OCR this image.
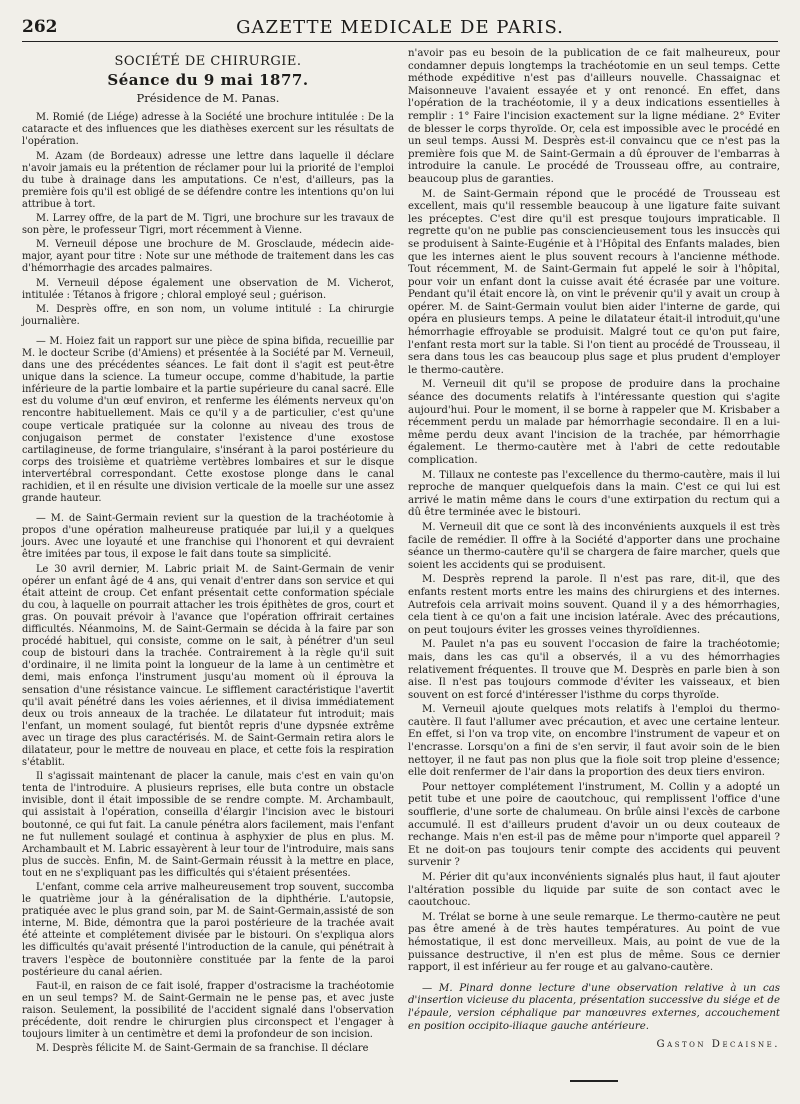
262	GAZETTE MEDICALE DE PARIS.

SOCIÉTÉ DE CHIRURGIE.

Séance du 9 mai 1877.

Présidence de M. Panas.

M. Romié (de Liége) adresse à la Société une brochure intitulée : De la cataracte et des influences que les diathèses exercent sur les résultats de l'opération.

M. Azam (de Bordeaux) adresse une lettre dans laquelle il déclare n'avoir jamais eu la prétention de réclamer pour lui la priorité de l'emploi du tube à drainage dans les amputations. Ce n'est, d'ailleurs, pas la première fois qu'il est obligé de se défendre contre les intentions qu'on lui attribue à tort.

M. Larrey offre, de la part de M. Tigri, une brochure sur les travaux de son père, le professeur Tigri, mort récemment à Vienne.

M. Verneuil dépose une brochure de M. Grosclaude, médecin aide-major, ayant pour titre : Note sur une méthode de traitement dans les cas d'hémorrhagie des arcades palmaires.

M. Verneuil dépose également une observation de M. Vicherot, intitulée : Tétanos à frigore ; chloral employé seul ; guérison.

M. Desprès offre, en son nom, un volume intitulé : La chirurgie journalière.

— M. Hoiez fait un rapport sur une pièce de spina bifida, recueillie par M. le docteur Scribe (d'Amiens) et présentée à la Société par M. Verneuil, dans une des précédentes séances. Le fait dont il s'agit est peut-être unique dans la science. La tumeur occupe, comme d'habitude, la partie inférieure de la partie lombaire et la partie supérieure du canal sacré. Elle est du volume d'un œuf environ, et renferme les éléments nerveux qu'on rencontre habituellement. Mais ce qu'il y a de particulier, c'est qu'une coupe verticale pratiquée sur la colonne au niveau des trous de conjugaison permet de constater l'existence d'une exostose cartilagineuse, de forme triangulaire, s'insérant à la paroi postérieure du corps des troisième et quatrième vertèbres lombaires et sur le disque intervertébral correspondant. Cette exostose plonge dans le canal rachidien, et il en résulte une division verticale de la moelle sur une assez grande hauteur.

— M. de Saint-Germain revient sur la question de la trachéotomie à propos d'une opération malheureuse pratiquée par lui,il y a quelques jours. Avec une loyauté et une franchise qui l'honorent et qui devraient être imitées par tous, il expose le fait dans toute sa simplicité.

Le 30 avril dernier, M. Labric priait M. de Saint-Germain de venir opérer un enfant âgé de 4 ans, qui venait d'entrer dans son service et qui était atteint de croup. Cet enfant présentait cette conformation spéciale du cou, à laquelle on pourrait attacher les trois épithètes de gros, court et gras. On pouvait prévoir à l'avance que l'opération offrirait certaines difficultés. Néanmoins, M. de Saint-Germain se décida à la faire par son procédé habituel, qui consiste, comme on le sait, à pénétrer d'un seul coup de bistouri dans la trachée. Contrairement à la règle qu'il suit d'ordinaire, il ne limita point la longueur de la lame à un centimètre et demi, mais enfonça l'instrument jusqu'au moment où il éprouva la sensation d'une résistance vaincue. Le sifflement caractéristique l'avertit qu'il avait pénétré dans les voies aériennes, et il divisa immédiatement deux ou trois anneaux de la trachée. Le dilatateur fut introduit; mais l'enfant, un moment soulagé, fut bientôt repris d'une dypsnée extrême avec un tirage des plus caractérisés. M. de Saint-Germain retira alors le dilatateur, pour le mettre de nouveau en place, et cette fois la respiration s'établit.

Il s'agissait maintenant de placer la canule, mais c'est en vain qu'on tenta de l'introduire. A plusieurs reprises, elle buta contre un obstacle invisible, dont il était impossible de se rendre compte. M. Archambault, qui assistait à l'opération, conseilla d'élargir l'incision avec le bistouri boutonné, ce qui fut fait. La canule pénétra alors facilement, mais l'enfant ne fut nullement soulagé et continua à asphyxier de plus en plus. M. Archambault et M. Labric essayèrent à leur tour de l'introduire, mais sans plus de succès. Enfin, M. de Saint-Germain réussit à la mettre en place, tout en ne s'expliquant pas les difficultés qui s'étaient présentées.

L'enfant, comme cela arrive malheureusement trop souvent, succomba le quatrième jour à la généralisation de la diphthérie. L'autopsie, pratiquée avec le plus grand soin, par M. de Saint-Germain,assisté de son interne, M. Bide, démontra que la paroi postérieure de la trachée avait été atteinte et complétement divisée par le bistouri. On s'expliqua alors les difficultés qu'avait présenté l'introduction de la canule, qui pénétrait à travers l'espèce de boutonnière constituée par la fente de la paroi postérieure du canal aérien.

Faut-il, en raison de ce fait isolé, frapper d'ostracisme la trachéotomie en un seul temps? M. de Saint-Germain ne le pense pas, et avec juste raison. Seulement, la possibilité de l'accident signalé dans l'observation précédente, doit rendre le chirurgien plus circonspect et l'engager à toujours limiter à un centimètre et demi la profondeur de son incision.

M. Desprès félicite M. de Saint-Germain de sa franchise. Il déclare

n'avoir pas eu besoin de la publication de ce fait malheureux, pour condamner depuis longtemps la trachéotomie en un seul temps. Cette méthode expéditive n'est pas d'ailleurs nouvelle. Chassaignac et Maisonneuve l'avaient essayée et y ont renoncé. En effet, dans l'opération de la trachéotomie, il y a deux indications essentielles à remplir : 1° Faire l'incision exactement sur la ligne médiane. 2° Eviter de blesser le corps thyroïde. Or, cela est impossible avec le procédé en un seul temps. Aussi M. Desprès est-il convaincu que ce n'est pas la première fois que M. de Saint-Germain a dû éprouver de l'embarras à introduire la canule. Le procédé de Trousseau offre, au contraire, beaucoup plus de garanties.

M. de Saint-Germain répond que le procédé de Trousseau est excellent, mais qu'il ressemble beaucoup à une ligature faite suivant les préceptes. C'est dire qu'il est presque toujours impraticable. Il regrette qu'on ne publie pas consciencieusement tous les insuccès qui se produisent à Sainte-Eugénie et à l'Hôpital des Enfants malades, bien que les internes aient le plus souvent recours à l'ancienne méthode. Tout récemment, M. de Saint-Germain fut appelé le soir à l'hôpital, pour voir un enfant dont la cuisse avait été écrasée par une voiture. Pendant qu'il était encore là, on vint le prévenir qu'il y avait un croup à opérer. M. de Saint-Germain voulut bien aider l'interne de garde, qui opéra en plusieurs temps. A peine le dilatateur était-il introduit,qu'une hémorrhagie effroyable se produisit. Malgré tout ce qu'on put faire, l'enfant resta mort sur la table. Si l'on tient au procédé de Trousseau, il sera dans tous les cas beaucoup plus sage et plus prudent d'employer le thermo-cautère.

M. Verneuil dit qu'il se propose de produire dans la prochaine séance des documents relatifs à l'intéressante question qui s'agite aujourd'hui. Pour le moment, il se borne à rappeler que M. Krisbaber a récemment perdu un malade par hémorrhagie secondaire. Il en a lui-même perdu deux avant l'incision de la trachée, par hémorrhagie également. Le thermo-cautère met à l'abri de cette redoutable complication.

M. Tillaux ne conteste pas l'excellence du thermo-cautère, mais il lui reproche de manquer quelquefois dans la main. C'est ce qui lui est arrivé le matin même dans le cours d'une extirpation du rectum qui a dû être terminée avec le bistouri.

M. Verneuil dit que ce sont là des inconvénients auxquels il est très facile de remédier. Il offre à la Société d'apporter dans une prochaine séance un thermo-cautère qu'il se chargera de faire marcher, quels que soient les accidents qui se produisent.

M. Desprès reprend la parole. Il n'est pas rare, dit-il, que des enfants restent morts entre les mains des chirurgiens et des internes. Autrefois cela arrivait moins souvent. Quand il y a des hémorrhagies, cela tient à ce qu'on a fait une incision latérale. Avec des précautions, on peut toujours éviter les grosses veines thyroïdiennes.

M. Paulet n'a pas eu souvent l'occasion de faire la trachéotomie; mais, dans les cas qu'il a observés, il a vu des hémorrhagies relativement fréquentes. Il trouve que M. Desprès en parle bien à son aise. Il n'est pas toujours commode d'éviter les vaisseaux, et bien souvent on est forcé d'intéresser l'isthme du corps thyroïde.

M. Verneuil ajoute quelques mots relatifs à l'emploi du thermo-cautère. Il faut l'allumer avec précaution, et avec une certaine lenteur. En effet, si l'on va trop vite, on encombre l'instrument de vapeur et on l'encrasse. Lorsqu'on a fini de s'en servir, il faut avoir soin de le bien nettoyer, il ne faut pas non plus que la fiole soit trop pleine d'essence; elle doit renfermer de l'air dans la proportion des deux tiers environ.

Pour nettoyer complétement l'instrument, M. Collin y a adopté un petit tube et une poire de caoutchouc, qui remplissent l'office d'une soufflerie, d'une sorte de chalumeau. On brûle ainsi l'excès de carbone accumulé. Il est d'ailleurs prudent d'avoir un ou deux couteaux de rechange. Mais n'en est-il pas de même pour n'importe quel appareil ? Et ne doit-on pas toujours tenir compte des accidents qui peuvent survenir ?

M. Périer dit qu'aux inconvénients signalés plus haut, il faut ajouter l'altération possible du liquide par suite de son contact avec le caoutchouc.

M. Trélat se borne à une seule remarque. Le thermo-cautère ne peut pas être amené à de très hautes températures. Au point de vue hémostatique, il est donc merveilleux. Mais, au point de vue de la puissance destructive, il n'en est plus de même. Sous ce dernier rapport, il est inférieur au fer rouge et au galvano-cautère.

— M. Pinard donne lecture d'une observation relative à un cas d'insertion vicieuse du placenta, présentation successive du siége et de l'épaule, version céphalique par manœuvres externes, accouchement en position occipito-iliaque gauche antérieure.

Gaston Decaisne.
